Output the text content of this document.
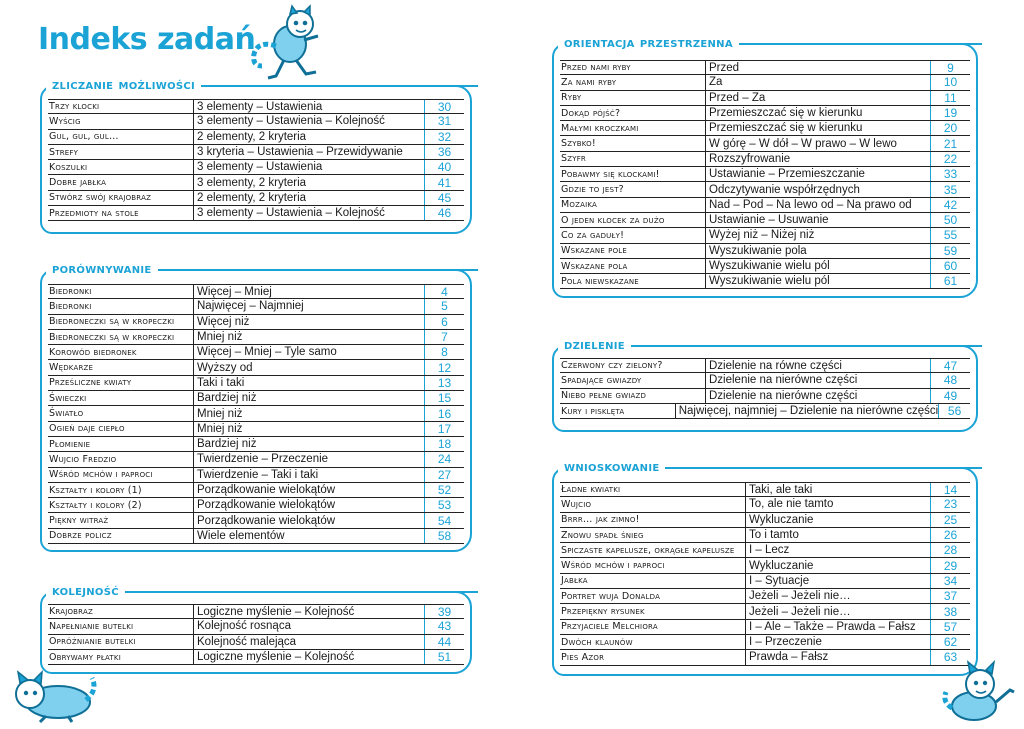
Indeks zadań
zliczanie możliwości
Trzy klocki	3 elementy – Ustawienia	30
Wyścig	3 elementy – Ustawienia – Kolejność	31
Gul, gul, gul…	2 elementy, 2 kryteria	32
Strefy	3 kryteria – Ustawienia – Przewidywanie	36
Koszulki	3 elementy – Ustawienia	40
Dobre jabłka	3 elementy, 2 kryteria	41
Stwórz swój krajobraz	2 elementy, 2 kryteria	45
Przedmioty na stole	3 elementy – Ustawienia – Kolejność	46
porównywanie
Biedronki	Więcej – Mniej	4
Biedronki	Najwięcej – Najmniej	5
Biedroneczki są w kropeczki	Więcej niż	6
Biedroneczki są w kropeczki	Mniej niż	7
Korowód biedronek	Więcej – Mniej – Tyle samo	8
Wędkarze	Wyższy od	12
Prześliczne kwiaty	Taki i taki	13
Świeczki	Bardziej niż	15
Światło	Mniej niż	16
Ogień daje ciepło	Mniej niż	17
Płomienie	Bardziej niż	18
Wujcio Fredzio	Twierdzenie – Przeczenie	24
Wśród mchów i paproci	Twierdzenie – Taki i taki	27
Kształty i kolory (1)	Porządkowanie wielokątów	52
Kształty i kolory (2)	Porządkowanie wielokątów	53
Piękny witraż	Porządkowanie wielokątów	54
Dobrze policz	Wiele elementów	58
kolejność
Krajobraz	Logiczne myślenie – Kolejność	39
Napełnianie butelki	Kolejność rosnąca	43
Opróżnianie butelki	Kolejność malejąca	44
Obrywamy płatki	Logiczne myślenie – Kolejność	51
orientacja przestrzenna
Przed nami ryby	Przed	9
Za nami ryby	Za	10
Ryby	Przed – Za	11
Dokąd pójść?	Przemieszczać się w kierunku	19
Małymi kroczkami	Przemieszczać się w kierunku	20
Szybko!	W górę – W dół – W prawo – W lewo	21
Szyfr	Rozszyfrowanie	22
Pobawmy się klockami!	Ustawianie – Przemieszczanie	33
Gdzie to jest?	Odczytywanie współrzędnych	35
Mozaika	Nad – Pod – Na lewo od – Na prawo od	42
O jeden klocek za dużo	Ustawianie – Usuwanie	50
Co za gaduły!	Wyżej niż – Niżej niż	55
Wskazane pole	Wyszukiwanie pola	59
Wskazane pola	Wyszukiwanie wielu pól	60
Pola niewskazane	Wyszukiwanie wielu pól	61
dzielenie
Czerwony czy zielony?	Dzielenie na równe części	47
Spadające gwiazdy	Dzielenie na nierówne części	48
Niebo pełne gwiazd	Dzielenie na nierówne części	49
Kury i pisklęta	Najwięcej, najmniej – Dzielenie na nierówne części 56
wnioskowanie
Ładne kwiatki	Taki, ale taki	14
Wujcio	To, ale nie tamto	23
Brrr… jak zimno!	Wykluczanie	25
Znowu spadł śnieg	To i tamto	26
Spiczaste kapelusze, okrągłe kapelusze	I – Lecz	28
Wśród mchów i paproci	Wykluczanie	29
Jabłka	I – Sytuacje	34
Portret wuja Donalda	Jeżeli – Jeżeli nie…	37
Przepiękny rysunek	Jeżeli – Jeżeli nie…	38
Przyjaciele Melchiora	I – Ale – Także – Prawda – Fałsz	57
Dwóch klaunów	I – Przeczenie	62
Pies Azor	Prawda – Fałsz	63
